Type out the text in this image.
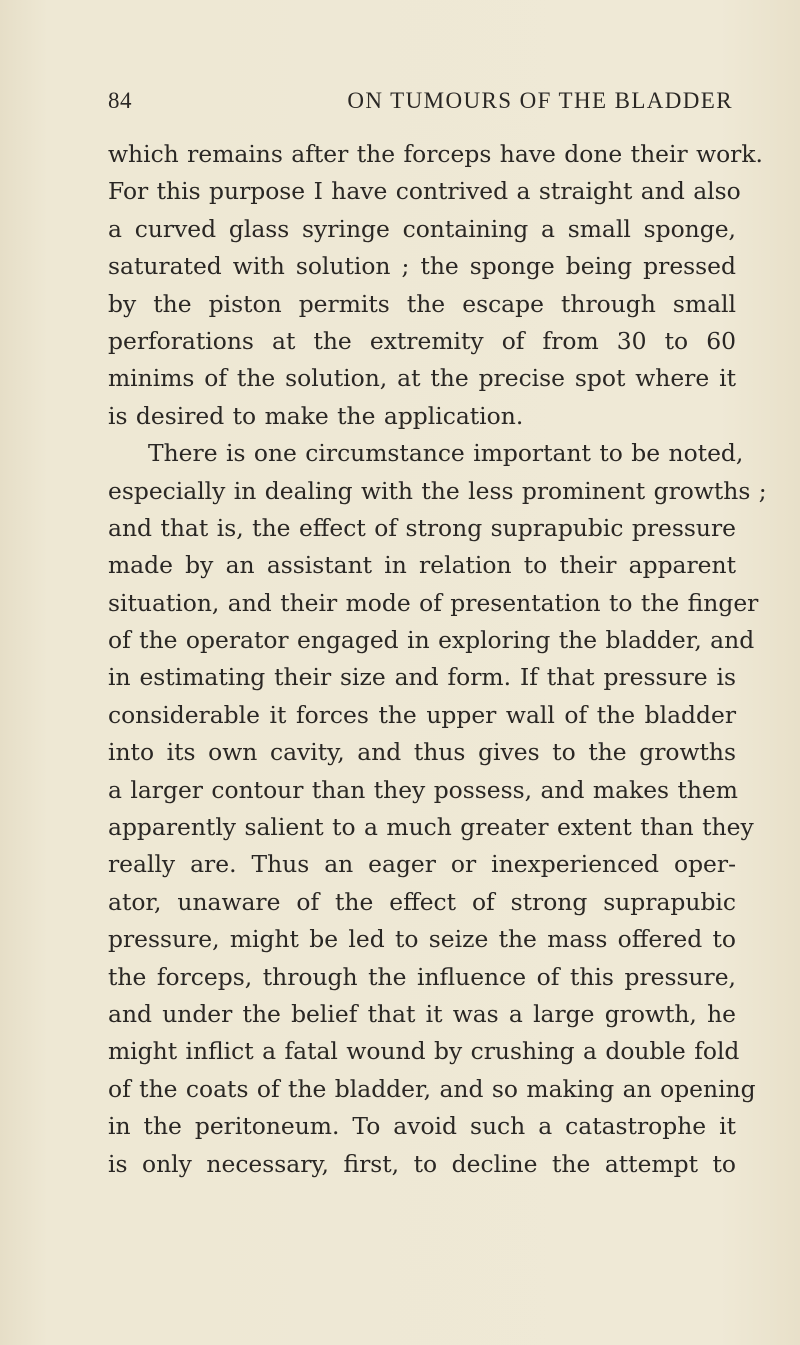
84	ON TUMOURS OF THE BLADDER
which remains after the forceps have done their work.
For this purpose I have contrived a straight and also
a curved glass syringe containing a small sponge,
saturated with solution ; the sponge being pressed
by the piston permits the escape through small
perforations at the extremity of from 30 to 60
minims of the solution, at the precise spot where it
is desired to make the application.
There is one circumstance important to be noted,
especially in dealing with the less prominent growths ;
and that is, the effect of strong suprapubic pressure
made by an assistant in relation to their apparent
situation, and their mode of presentation to the finger
of the operator engaged in exploring the bladder, and
in estimating their size and form. If that pressure is
considerable it forces the upper wall of the bladder
into its own cavity, and thus gives to the growths
a larger contour than they possess, and makes them
apparently salient to a much greater extent than they
really are. Thus an eager or inexperienced oper-
ator, unaware of the effect of strong suprapubic
pressure, might be led to seize the mass offered to
the forceps, through the influence of this pressure,
and under the belief that it was a large growth, he
might inflict a fatal wound by crushing a double fold
of the coats of the bladder, and so making an opening
in the peritoneum. To avoid such a catastrophe it
is only necessary, first, to decline the attempt to
